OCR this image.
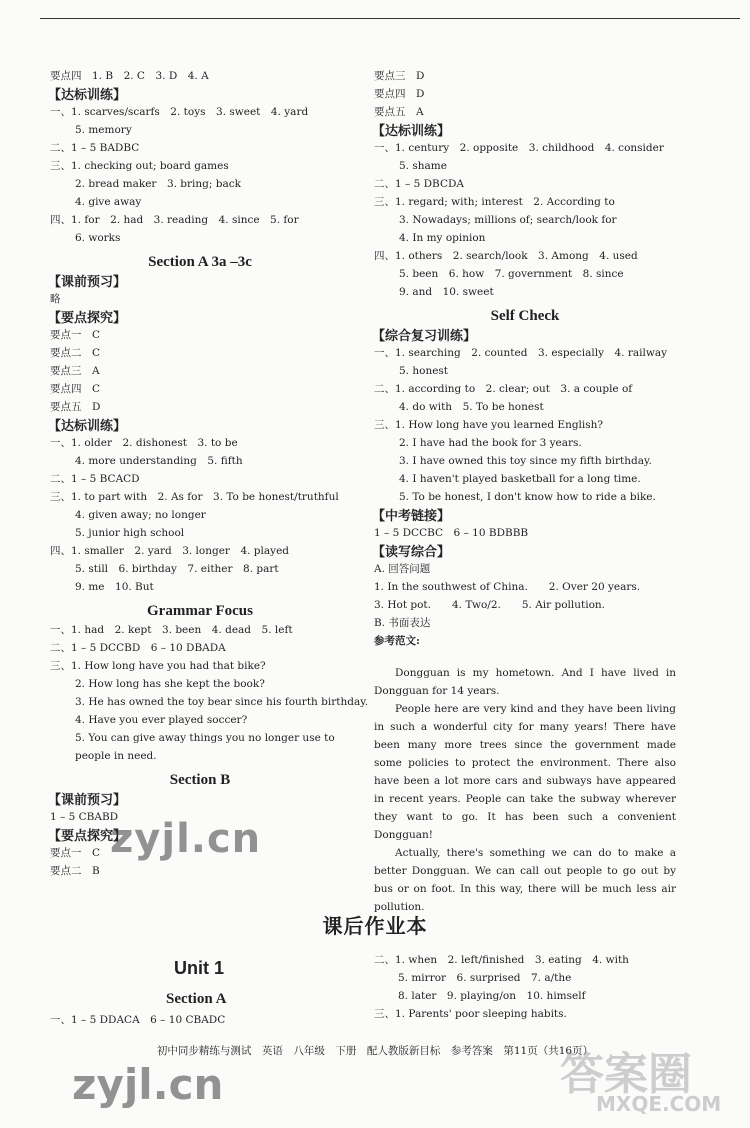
要点四　1. B　2. C　3. D　4. A
【达标训练】
一、1. scarves/scarfs　2. toys　3. sweet　4. yard
5. memory
二、1 – 5 BADBC
三、1. checking out; board games
2. bread maker　3. bring; back
4. give away
四、1. for　2. had　3. reading　4. since　5. for
6. works
Section A 3a –3c
【课前预习】
略
【要点探究】
要点一　C
要点二　C
要点三　A
要点四　C
要点五　D
【达标训练】
一、1. older　2. dishonest　3. to be
4. more understanding　5. fifth
二、1 – 5 BCACD
三、1. to part with　2. As for　3. To be honest/truthful
4. given away; no longer
5. junior high school
四、1. smaller　2. yard　3. longer　4. played
5. still　6. birthday　7. either　8. part
9. me　10. But
Grammar Focus
一、1. had　2. kept　3. been　4. dead　5. left
二、1 – 5 DCCBD　6 – 10 DBADA
三、1. How long have you had that bike?
2. How long has she kept the book?
3. He has owned the toy bear since his fourth birthday.
4. Have you ever played soccer?
5. You can give away things you no longer use to
people in need.
Section B
【课前预习】
1 – 5 CBABD
【要点探究】
要点一　C
要点二　B
要点三　D
要点四　D
要点五　A
【达标训练】
一、1. century　2. opposite　3. childhood　4. consider
5. shame
二、1 – 5 DBCDA
三、1. regard; with; interest　2. According to
3. Nowadays; millions of; search/look for
4. In my opinion
四、1. others　2. search/look　3. Among　4. used
5. been　6. how　7. government　8. since
9. and　10. sweet
Self Check
【综合复习训练】
一、1. searching　2. counted　3. especially　4. railway
5. honest
二、1. according to　2. clear; out　3. a couple of
4. do with　5. To be honest
三、1. How long have you learned English?
2. I have had the book for 3 years.
3. I have owned this toy since my fifth birthday.
4. I haven't played basketball for a long time.
5. To be honest, I don't know how to ride a bike.
【中考链接】
1 – 5 DCCBC　6 – 10 BDBBB
【读写综合】
A. 回答问题
1. In the southwest of China.　　2. Over 20 years.
3. Hot pot.　　4. Two/2.　　5. Air pollution.
B. 书面表达
参考范文:

Dongguan is my hometown. And I have lived in Dongguan for 14 years.

People here are very kind and they have been living in such a wonderful city for many years! There have been many more trees since the government made some policies to protect the environment. There also have been a lot more cars and subways have appeared in recent years. People can take the subway wherever they want to go. It has been such a convenient Dongguan!

Actually, there's something we can do to make a better Dongguan. We can call out people to go out by bus or on foot. In this way, there will be much less air pollution.

课后作业本
Unit 1
Section A
一、1 – 5 DDACA　6 – 10 CBADC
二、1. when　2. left/finished　3. eating　4. with
5. mirror　6. surprised　7. a/the
8. later　9. playing/on　10. himself
三、1. Parents' poor sleeping habits.
初中同步精练与测试　英语　八年级　下册　配人教版新目标　参考答案　第11页（共16页）
zyjl.cn
zyjl.cn	答案圈
MXQE.COM
